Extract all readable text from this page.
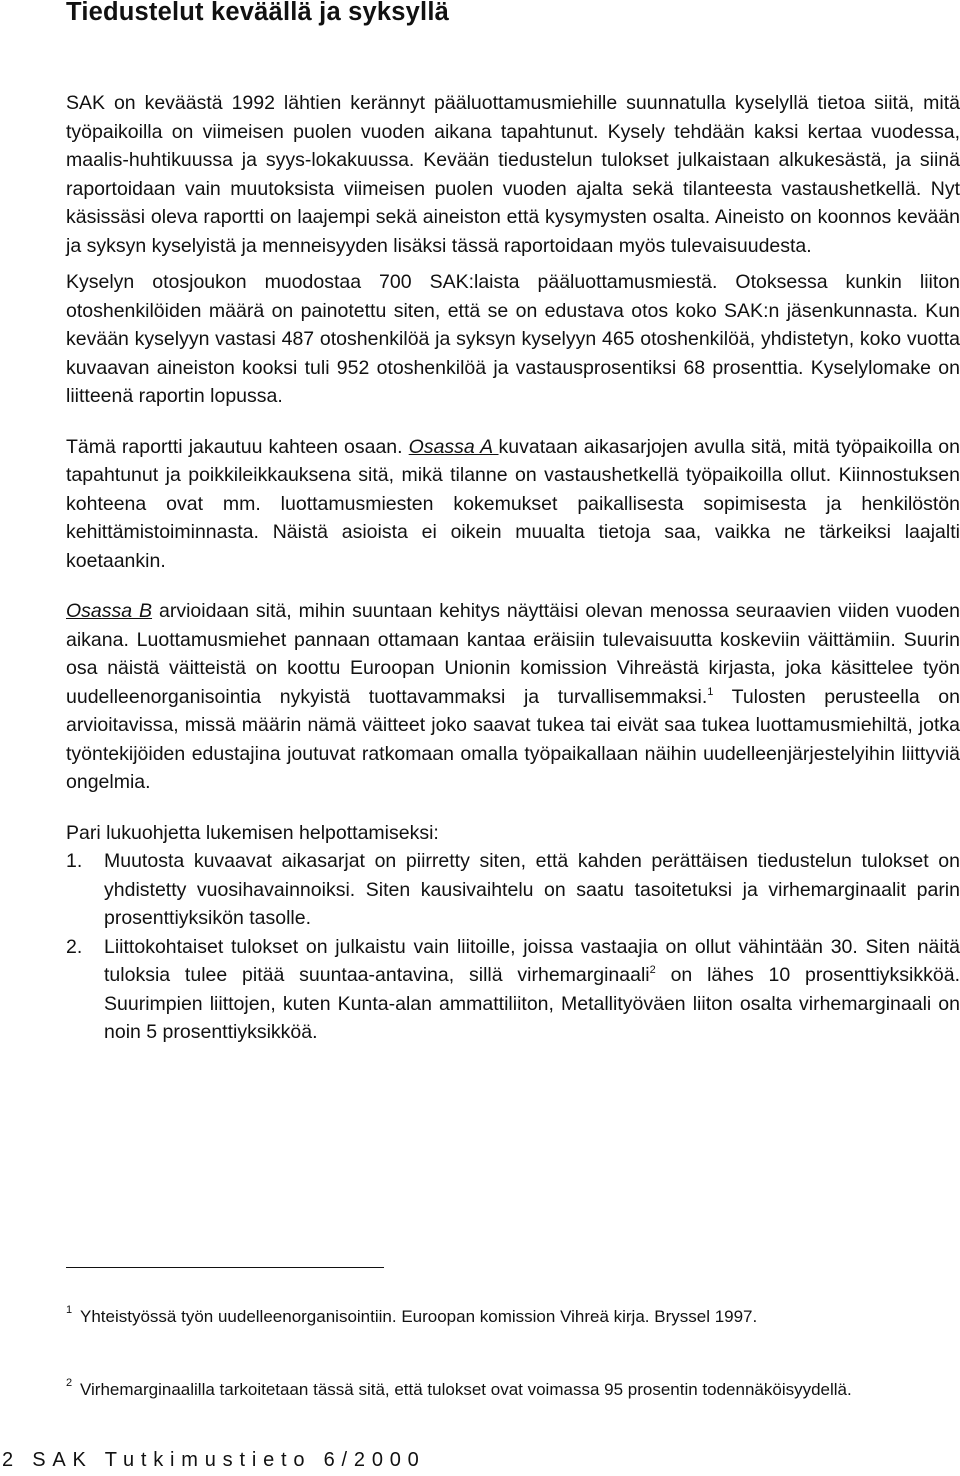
Tiedustelut keväällä ja syksyllä

SAK on keväästä 1992 lähtien kerännyt pääluottamusmiehille suunnatulla kyselyllä tietoa siitä, mitä työpaikoilla on viimeisen puolen vuoden aikana tapahtunut. Kysely tehdään kaksi kertaa vuodessa, maalis-huhtikuussa ja syys-lokakuussa. Kevään tiedustelun tulokset julkaistaan alkukesästä, ja siinä raportoidaan vain muutoksista viimeisen puolen vuoden ajalta sekä tilanteesta vastaushetkellä. Nyt käsissäsi oleva raportti on laajempi sekä aineiston että kysymysten osalta. Aineisto on koonnos kevään ja syksyn kyselyistä ja menneisyyden lisäksi tässä raportoidaan myös tulevaisuudesta.

Kyselyn otosjoukon muodostaa 700 SAK:laista pääluottamusmiestä. Otoksessa kunkin liiton otoshenkilöiden määrä on painotettu siten, että se on edustava otos koko SAK:n jäsenkunnasta. Kun kevään kyselyyn vastasi 487 otoshenkilöä ja syksyn kyselyyn 465 otoshenkilöä, yhdistetyn, koko vuotta kuvaavan aineiston kooksi tuli 952 otoshenkilöä ja vastausprosentiksi 68 prosenttia. Kyselylomake on liitteenä raportin lopussa.

Tämä raportti jakautuu kahteen osaan. Osassa A kuvataan aikasarjojen avulla sitä, mitä työpaikoilla on tapahtunut ja poikkileikkauksena sitä, mikä tilanne on vastaushetkellä työpaikoilla ollut. Kiinnostuksen kohteena ovat mm. luottamusmiesten kokemukset paikallisesta sopimisesta ja henkilöstön kehittämistoiminnasta. Näistä asioista ei oikein muualta tietoja saa, vaikka ne tärkeiksi laajalti koetaankin.

Osassa B arvioidaan sitä, mihin suuntaan kehitys näyttäisi olevan menossa seuraavien viiden vuoden aikana. Luottamusmiehet pannaan ottamaan kantaa eräisiin tulevaisuutta koskeviin väittämiin. Suurin osa näistä väitteistä on koottu Euroopan Unionin komission Vihreästä kirjasta, joka käsittelee työn uudelleenorganisointia nykyistä tuottavammaksi ja turvallisemmaksi.$^1$ Tulosten perusteella on arvioitavissa, missä määrin nämä väitteet joko saavat tukea tai eivät saa tukea luottamusmiehiltä, jotka työntekijöiden edustajina joutuvat ratkomaan omalla työpaikallaan näihin uudelleenjärjestelyihin liittyviä ongelmia.

Pari lukuohjetta lukemisen helpottamiseksi:

1. Muutosta kuvaavat aikasarjat on piirretty siten, että kahden perättäisen tiedustelun tulokset on yhdistetty vuosihavainnoiksi. Siten kausivaihtelu on saatu tasoitetuksi ja virhemarginaalit parin prosenttiyksikön tasolle.
2. Liittokohtaiset tulokset on julkaistu vain liitoille, joissa vastaajia on ollut vähintään 30. Siten näitä tuloksia tulee pitää suuntaa-antavina, sillä virhemarginaali$^2$ on lähes 10 prosenttiyksikköä. Suurimpien liittojen, kuten Kunta-alan ammattiliiton, Metallityöväen liiton osalta virhemarginaali on noin 5 prosenttiyksikköä.
1 Yhteistyössä työn uudelleenorganisointiin. Euroopan komission Vihreä kirja. Bryssel 1997.
2 Virhemarginaalilla tarkoitetaan tässä sitä, että tulokset ovat voimassa 95 prosentin todennäköisyydellä.
2 SAK Tutkimustieto 6/2000
